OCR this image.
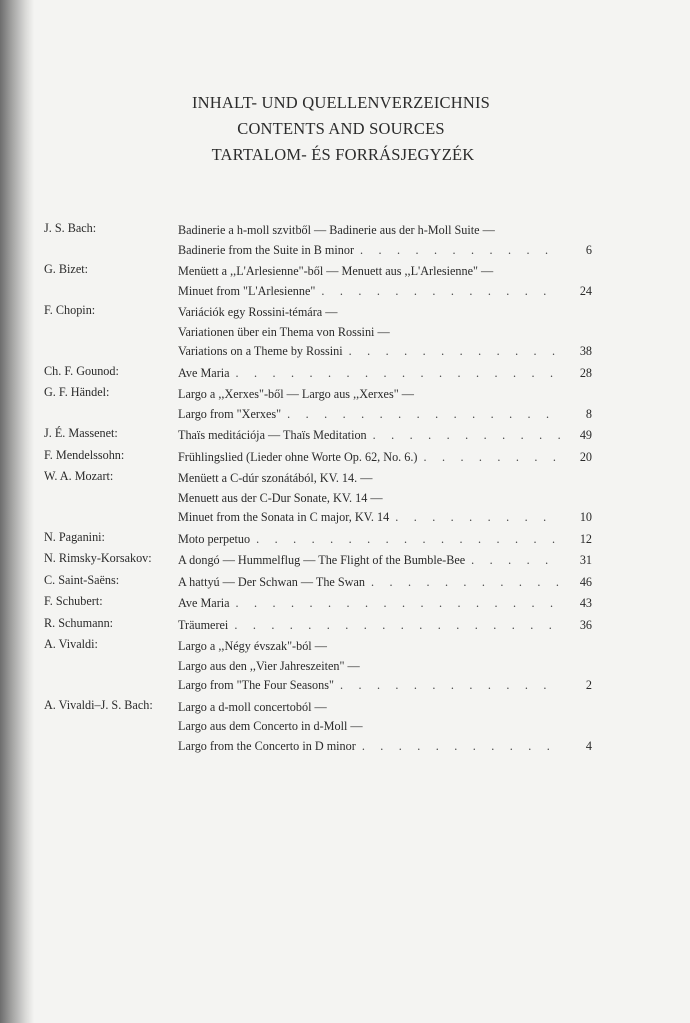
INHALT- UND QUELLENVERZEICHNIS
CONTENTS AND SOURCES
TARTALOM- ÉS FORRÁSJEGYZÉK
J. S. Bach:	Badinerie a h-moll szvitből — Badinerie aus der h-Moll Suite —
Badinerie from the Suite in B minor . . .	6
G. Bizet:	Menüett a ,,L'Arlesienne"-ből — Menuett aus ,,L'Arlesienne" —
Minuet from "L'Arlesienne" . . .	24
F. Chopin:	Variációk egy Rossini-témára —
Variationen über ein Thema von Rossini —
Variations on a Theme by Rossini . . .	38
Ch. F. Gounod:	Ave Maria . . .	28
G. F. Händel:	Largo a ,,Xerxes"-ből — Largo aus ,,Xerxes" —
Largo from "Xerxes" . . .	8
J. É. Massenet:	Thaïs meditációja — Thaïs Meditation . . .	49
F. Mendelssohn:	Frühlingslied (Lieder ohne Worte Op. 62, No. 6.) . . .	20
W. A. Mozart:	Menüett a C-dúr szonátából, KV. 14. —
Menuett aus der C-Dur Sonate, KV. 14 —
Minuet from the Sonata in C major, KV. 14 . . .	10
N. Paganini:	Moto perpetuo . . .	12
N. Rimsky-Korsakov:	A dongó — Hummelflug — The Flight of the Bumble-Bee . . .	31
C. Saint-Saëns:	A hattyú — Der Schwan — The Swan . . .	46
F. Schubert:	Ave Maria . . .	43
R. Schumann:	Träumerei . . .	36
A. Vivaldi:	Largo a ,,Négy évszak"-ból —
Largo aus den ,,Vier Jahreszeiten" —
Largo from "The Four Seasons" . . .	2
A. Vivaldi–J. S. Bach:	Largo a d-moll concertoból —
Largo aus dem Concerto in d-Moll —
Largo from the Concerto in D minor . . .	4
